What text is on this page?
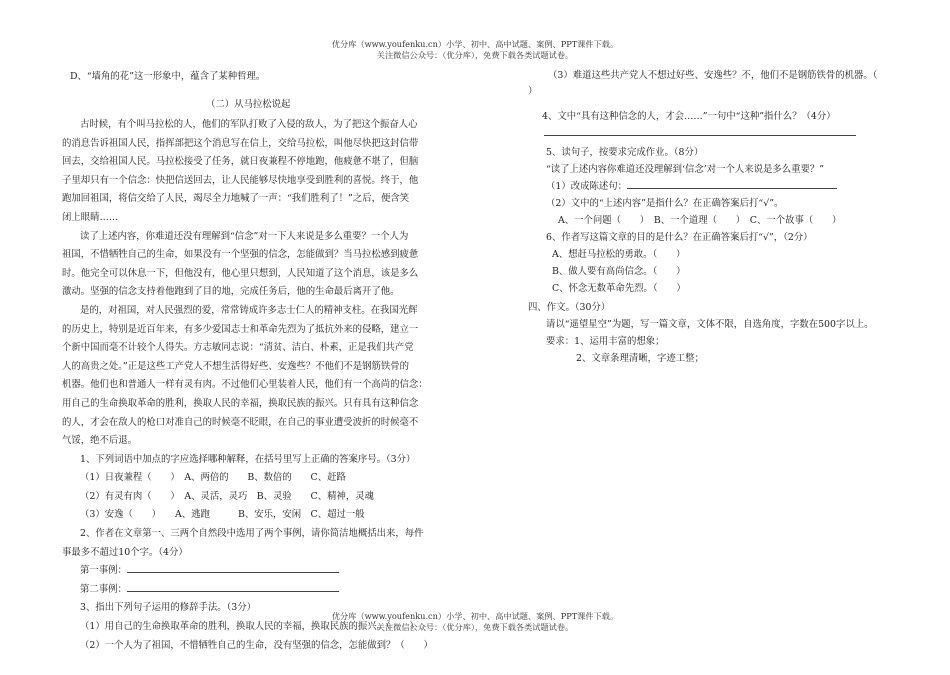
优分库（www.youfenku.cn）小学、初中、高中试题、案例、PPT课件下载。
关注微信公众号：（优分库），免费下载各类试题试卷。

D、“墙角的花”这一形象中，蕴含了某种哲理。

（二）从马拉松说起

古时候，有个叫马拉松的人，他们的军队打败了入侵的敌人，为了把这个振奋人心

的消息告诉祖国人民，指挥部把这个消息写在信上，交给马拉松，叫他尽快把这封信带

回去，交给祖国人民。马拉松接受了任务，就日夜兼程不停地跑，他疲惫不堪了，但脑

子里却只有一个信念：快把信送回去，让人民能够尽快地享受到胜利的喜悦。终于，他

跑加回祖国，将信交给了人民，竭尽全力地喊了一声：“我们胜利了！”之后，便含笑

闭上眼睛……

读了上述内容，你难道还没有理解到“信念”对一下人来说是多么重要？一个人为

祖国，不惜牺牲自己的生命，如果没有一个坚强的信念，怎能做到？当马拉松感到疲惫

时。他完全可以休息一下，但他没有，他心里只想到，人民知道了这个消息，该是多么

激动。坚强的信念支持着他跑到了目的地，完成任务后，他的生命最后离开了他。

是的，对祖国，对人民强烈的爱，常常铸成许多志士仁人的精神支柱。在我国光辉

的历史上，特别是近百年来，有多少爱国志士和革命先烈为了抵抗外来的侵略，建立一

个新中国而毫不计较个人得失。方志敏同志说：“清贫、洁白、朴素，正是我们共产党

人的高贵之处。”正是这些工产党人不想生活得好些、安逸些？不他们不是钢筋铁骨的

机器。他们也和普通人一样有灵有肉。不过他们心里装着人民，他们有一个高尚的信念：

用自己的生命换取革命的胜利，换取人民的幸福，换取民族的振兴。只有具有这种信念

的人，才会在敌人的枪口对准自己的时候毫不眨眼，在自己的事业遭受波折的时候毫不

气馁，绝不后退。

1、下列词语中加点的字应选择哪种解释，在括号里写上正确的答案序号。（3分）

（1）日夜兼程（　　）　A、两倍的　　B、数倍的　　C、赶路

（2）有灵有肉（　　）　A、灵活，灵巧　B、灵验　　C、精神，灵魂

（3）安逸（　　）　　A、逃跑　　　B、安乐，安闲　C、超过一般

2、作者在文章第一、三两个自然段中选用了两个事例，请你简洁地概括出来，每件

事最多不超过10个字。（4分）

第一事例：

第二事例：

3、指出下列句子运用的修辞手法。（3分）

（1）用自己的生命换取革命的胜利，换取人民的幸福，换取民族的振兴。（　　）

（2）一个人为了祖国，不惜牺牲自己的生命，没有坚强的信念，怎能做到？（　　）

（3）难道这些共产党人不想过好些、安逸些？不，他们不是钢筋铁骨的机器。（

）

4、文中“具有这种信念的人，才会……”一句中“这种”指什么？（4分）

5、读句子，按要求完成作业。（8分）

“读了上述内容你难道还没理解到‘信念’对一个人来说是多么重要？”

（1）改成陈述句：

（2）文中的“上述内容”是指什么？在正确答案后打“√”。

A、一个问题（　　）　B、一个道理（　　）　C、一个故事（　　）

6、作者写这篇文章的目的是什么？在正确答案后打“√”，（2分）

A、想赶马拉松的勇敢。（　　）

B、做人要有高尚信念。（　　）

C、怀念无数革命先烈。（　　）

四、作文。（30分）

请以“遥望星空”为题，写一篇文章，文体不限，自选角度，字数在500字以上。

要求：1、运用丰富的想象；

2、文章条理清晰，字迹工整；

优分库（www.youfenku.cn）小学、初中、高中试题、案例、PPT课件下载。
关注微信公众号：（优分库），免费下载各类试题试卷。
